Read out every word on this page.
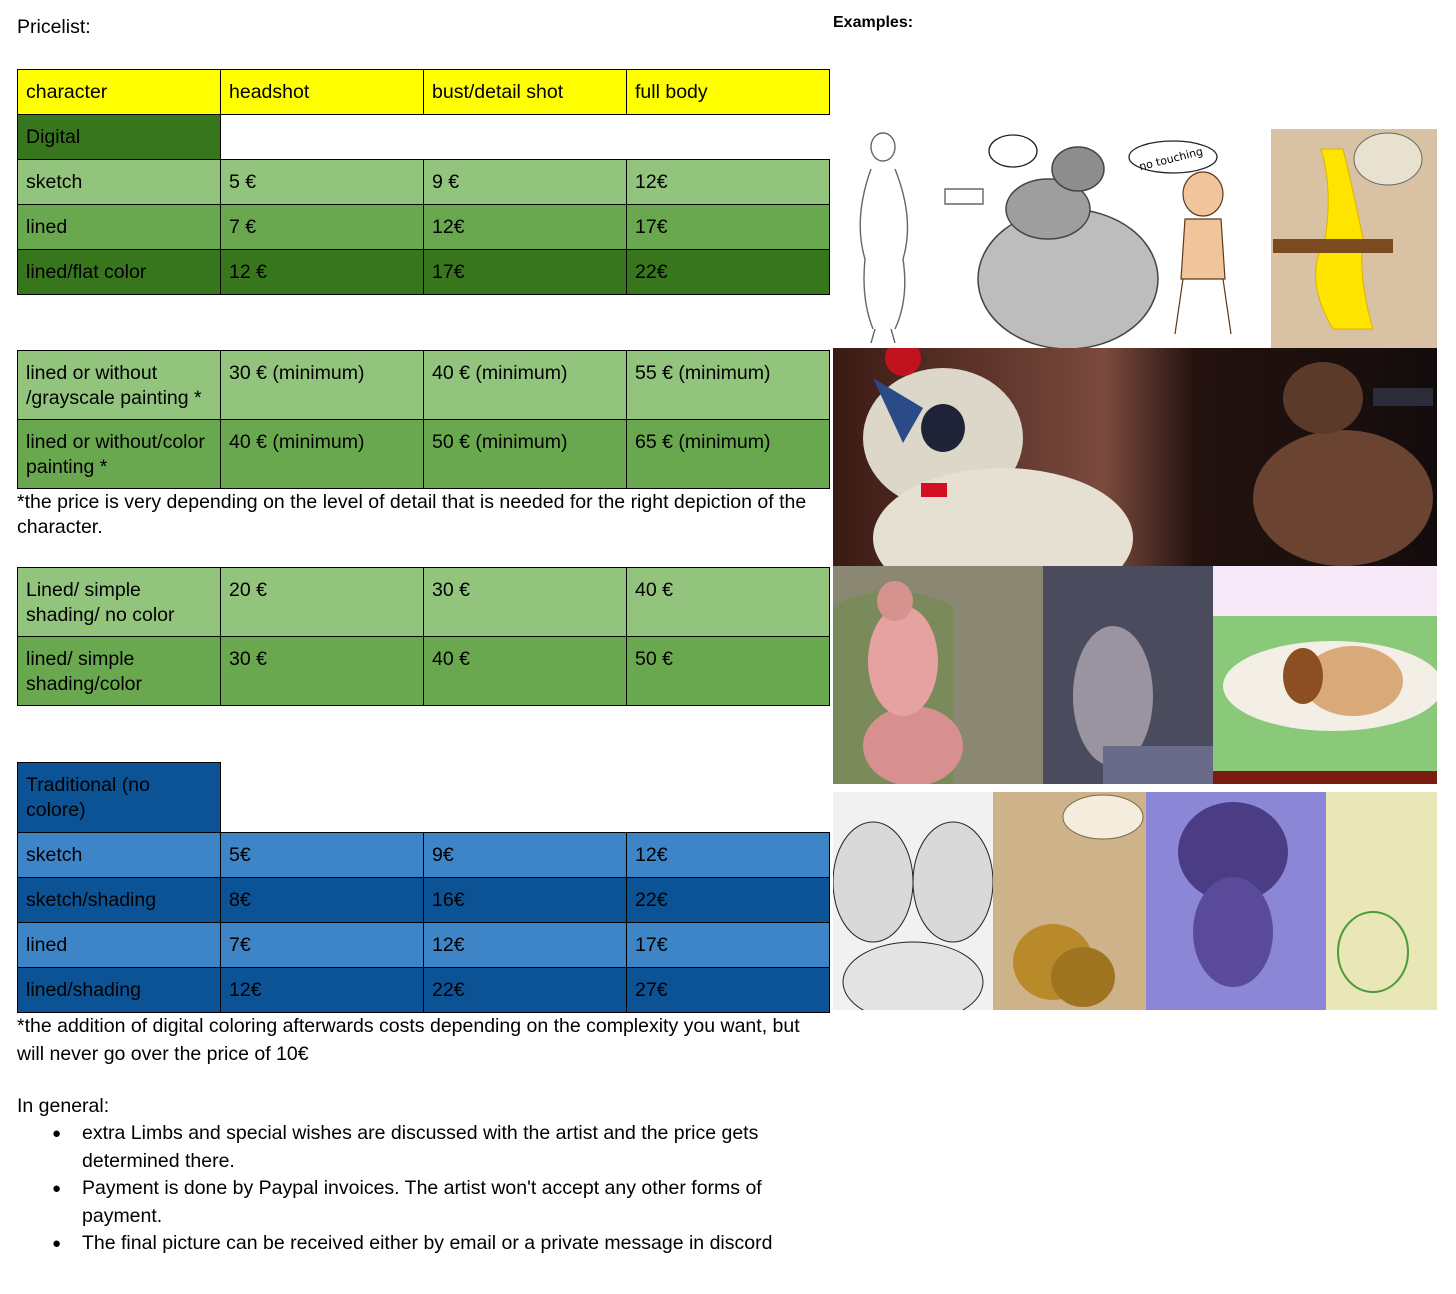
Pricelist:	Examples:
character	headshot	bust/detail shot	full body
Digital			
sketch	5 €	9 €	12€
lined	7 €	12€	17€
lined/flat color	12 €	17€	22€
lined or without /grayscale painting *	30 € (minimum)	40 € (minimum)	55 € (minimum)
lined or without/color painting *	40 € (minimum)	50 € (minimum)	65 € (minimum)
*the price is very depending on the level of detail that is needed for the right depiction of the character.
Lined/ simple shading/ no color	20 €	30 €	40 €
lined/ simple shading/color	30 €	40 €	50 €
Traditional (no colore)			
sketch	5€	9€	12€
sketch/shading	8€	16€	22€
lined	7€	12€	17€
lined/shading	12€	22€	27€
*the addition of digital coloring afterwards costs depending on the complexity you want, but will never go over the price of 10€
In general:
● extra Limbs and special wishes are discussed with the artist and the price gets determined there.
● Payment is done by Paypal invoices. The artist won't accept any other forms of payment.
● The final picture can be received either by email or a private message in discord
no touching
